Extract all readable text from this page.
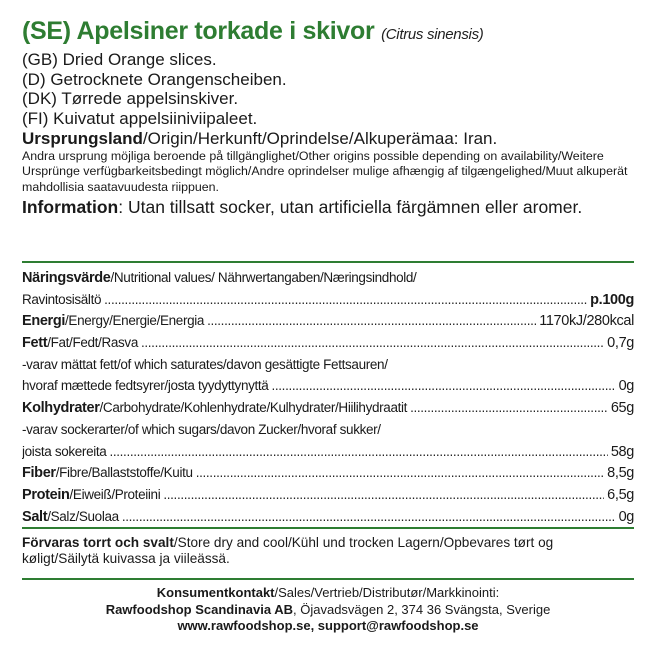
(SE) Apelsiner torkade i skivor (Citrus sinensis)
(GB) Dried Orange slices.
(D) Getrocknete Orangenscheiben.
(DK) Tørrede appelsinskiver.
(FI) Kuivatut appelsiiniviipaleet.
Ursprungsland/Origin/Herkunft/Oprindelse/Alkuperämaa: Iran.
Andra ursprung möjliga beroende på tillgänglighet/Other origins possible depending on availability/Weitere Ursprünge verfügbarkeitsbedingt möglich/Andre oprindelser mulige afhængig af tilgængelighed/Muut alkuperät mahdollisia saatavuudesta riippuen.
Information: Utan tillsatt socker, utan artificiella färgämnen eller aromer.
Näringsvärde/Nutritional values/ Nährwertangaben/Næringsindhold/
Ravintosisältö .....	p.100g
Energi/Energy/Energie/Energia .....	1170kJ/280kcal
Fett/Fat/Fedt/Rasva .....	0,7g
-varav mättat fett/of which saturates/davon gesättigte Fettsauren/
hvoraf mættede fedtsyrer/josta tyydyttynyttä .....	0g
Kolhydrater/Carbohydrate/Kohlenhydrate/Kulhydrater/Hiilihydraatit .....	65g
-varav sockerarter/of which sugars/davon Zucker/hvoraf sukker/
joista sokereita .....	58g
Fiber/Fibre/Ballaststoffe/Kuitu .....	8,5g
Protein/Eiweiß/Proteiini .....	6,5g
Salt/Salz/Suolaa .....	0g
Förvaras torrt och svalt/Store dry and cool/Kühl und trocken Lagern/Opbevares tørt og køligt/Säilytä kuivassa ja viileässä.
Konsumentkontakt/Sales/Vertrieb/Distributør/Markkinointi:
Rawfoodshop Scandinavia AB, Öjavadsvägen 2, 374 36 Svängsta, Sverige
www.rawfoodshop.se, support@rawfoodshop.se
